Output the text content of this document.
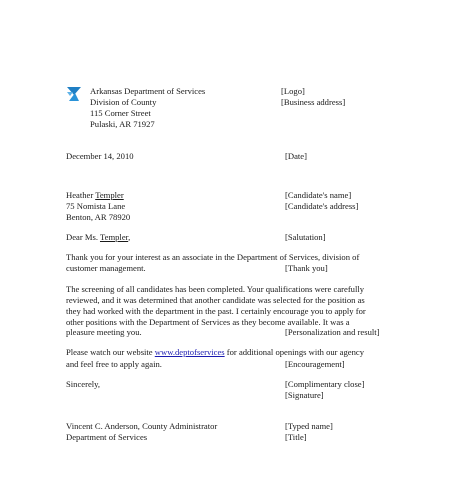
Arkansas Department of Services
Division of County
115 Corner Street
Pulaski, AR 71927
[Logo]
[Business address]
December 14, 2010	[Date]
Heather Templer
75 Nomista Lane
Benton, AR 78920
[Candidate's name]
[Candidate's address]
Dear Ms. Templer,	[Salutation]
Thank you for your interest as an associate in the Department of Services, division of
customer management.	[Thank you]
The screening of all candidates has been completed. Your qualifications were carefully
reviewed, and it was determined that another candidate was selected for the position as
they had worked with the department in the past. I certainly encourage you to apply for
other positions with the Department of Services as they become available. It was a
pleasure meeting you.	[Personalization and result]
Please watch our website www.deptofservices for additional openings with our agency
and feel free to apply again.	[Encouragement]
Sincerely,	[Complimentary close]
[Signature]
Vincent C. Anderson, County Administrator
Department of Services
[Typed name]
[Title]
